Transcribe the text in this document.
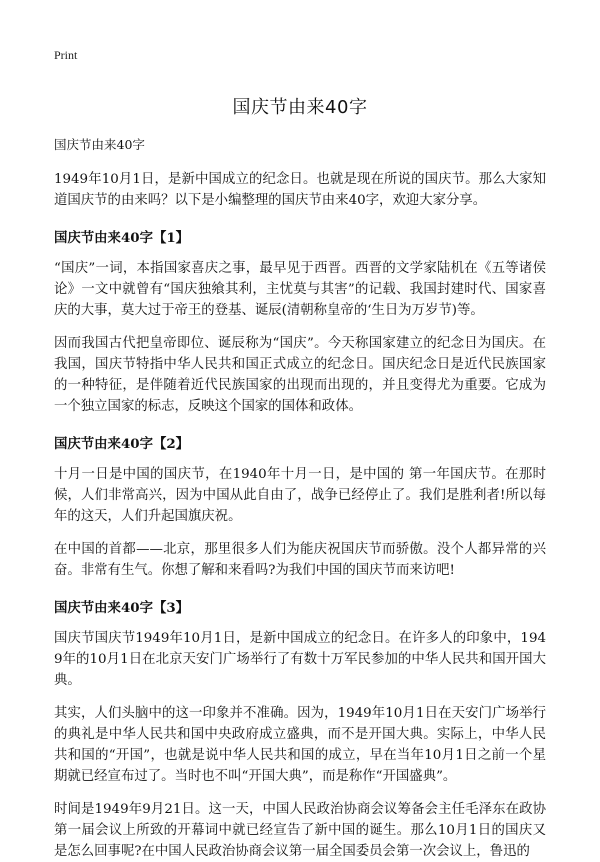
Print
国庆节由来40字
国庆节由来40字

1949年10月1日，是新中国成立的纪念日。也就是现在所说的国庆节。那么大家知道国庆节的由来吗？以下是小编整理的国庆节由来40字，欢迎大家分享。

国庆节由来40字【1】

“国庆”一词，本指国家喜庆之事，最早见于西晋。西晋的文学家陆机在《五等诸侯论》一文中就曾有“国庆独飨其利，主忧莫与其害”的记载、我国封建时代、国家喜庆的大事，莫大过于帝王的登基、诞辰(清朝称皇帝的‘生日为万岁节)等。

因而我国古代把皇帝即位、诞辰称为“国庆”。今天称国家建立的纪念日为国庆。在我国，国庆节特指中华人民共和国正式成立的纪念日。国庆纪念日是近代民族国家的一种特征，是伴随着近代民族国家的出现而出现的，并且变得尤为重要。它成为一个独立国家的标志，反映这个国家的国体和政体。

国庆节由来40字【2】

十月一日是中国的国庆节，在1940年十月一日，是中国的 第一年国庆节。在那时候，人们非常高兴，因为中国从此自由了，战争已经停止了。我们是胜利者!所以每年的这天，人们升起国旗庆祝。

在中国的首都——北京，那里很多人们为能庆祝国庆节而骄傲。没个人都异常的兴奋。非常有生气。你想了解和来看吗?为我们中国的国庆节而来访吧!

国庆节由来40字【3】

国庆节国庆节1949年10月1日，是新中国成立的纪念日。在许多人的印象中，1949年的10月1日在北京天安门广场举行了有数十万军民参加的中华人民共和国开国大典。

其实，人们头脑中的这一印象并不准确。因为，1949年10月1日在天安门广场举行的典礼是中华人民共和国中央政府成立盛典，而不是开国大典。实际上，中华人民共和国的“开国”，也就是说中华人民共和国的成立，早在当年10月1日之前一个星期就已经宣布过了。当时也不叫“开国大典”，而是称作“开国盛典”。

时间是1949年9月21日。这一天，中国人民政治协商会议筹备会主任毛泽东在政协第一届会议上所致的开幕词中就已经宣告了新中国的诞生。那么10月1日的国庆又是怎么回事呢?在中国人民政治协商会议第一届全国委员会第一次会议上，鲁迅的
